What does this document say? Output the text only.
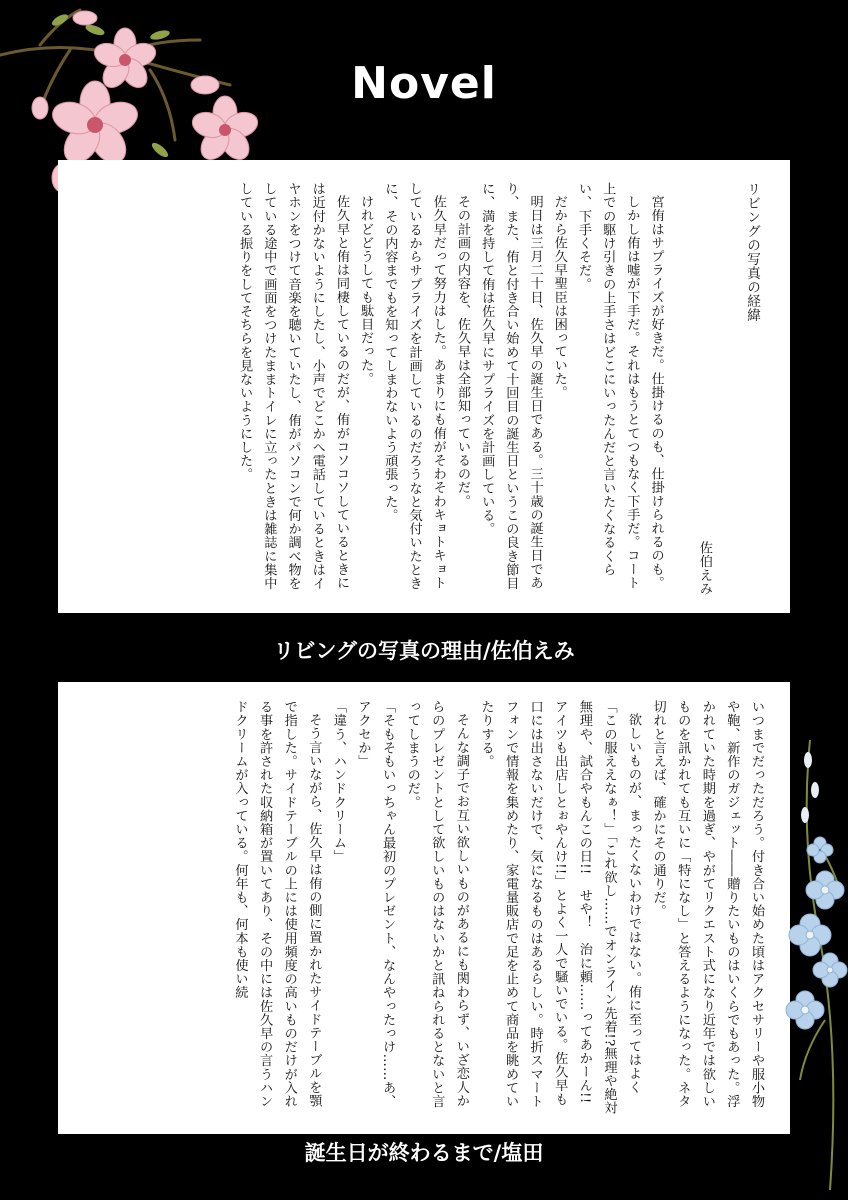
Novel

リビングの写真の経緯

佐伯えみ

宮侑はサプライズが好きだ。仕掛けるのも、仕掛けられるのも。

しかし侑は嘘が下手だ。それはもうとてつもなく下手だ。コート上での駆け引きの上手さはどこにいったんだと言いたくなるくらい、下手くそだ。

だから佐久早聖臣は困っていた。

明日は三月二十日、佐久早の誕生日である。三十歳の誕生日であり、また、侑と付き合い始めて十回目の誕生日というこの良き節目に、満を持して侑は佐久早にサプライズを計画している。

その計画の内容を、佐久早は全部知っているのだ。

佐久早だって努力はした。あまりにも侑がそわそわキョトキョトしているからサプライズを計画しているのだろうなと気付いたときに、その内容までもを知ってしまわないよう頑張った。

けれどどうしても駄目だった。

佐久早と侑は同棲しているのだが、侑がコソコソしているときには近付かないようにしたし、小声でどこかへ電話しているときはイヤホンをつけて音楽を聴いていたし、侑がパソコンで何か調べ物をしている途中で画面をつけたままトイレに立ったときは雑誌に集中している振りをしてそちらを見ないようにした。

リビングの写真の理由/佐伯えみ

いつまでだっただろう。付き合い始めた頃はアクセサリーや服小物や鞄、新作のガジェット――贈りたいものはいくらでもあった。浮かれていた時期を過ぎ、やがてリクエスト式になり近年では欲しいものを訊かれても互いに「特になし」と答えるようになった。ネタ切れと言えば、確かにその通りだ。

欲しいものが、まったくないわけではない。侑に至ってはよく「この服ええなぁ！」「これ欲し……でオンライン先着!?無理や絶対無理や、試合やもんこの日!!　せや！　治に頼……ってあかーん!!　アイツも出店しとぉやんけ!!」とよく一人で騒いでいる。佐久早も口には出さないだけで、気になるものはあるらしい。時折スマートフォンで情報を集めたり、家電量販店で足を止めて商品を眺めていたりする。

そんな調子でお互い欲しいものがあるにも関わらず、いざ恋人からのプレゼントとして欲しいものはないかと訊ねられるとないと言ってしまうのだ。

「そもそもいっちゃん最初のプレゼント、なんやったっけ……あ、アクセか」

「違う、ハンドクリーム」

そう言いながら、佐久早は侑の側に置かれたサイドテーブルを顎で指した。サイドテーブルの上には使用頻度の高いものだけが入れる事を許された収納箱が置いてあり、その中には佐久早の言うハンドクリームが入っている。何年も、何本も使い続

誕生日が終わるまで/塩田
